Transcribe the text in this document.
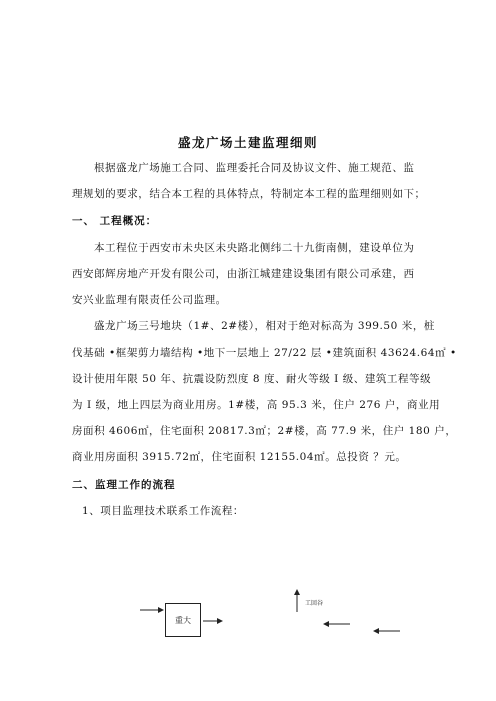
盛龙广场土建监理细则
根据盛龙广场施工合同、监理委托合同及协议文件、施工规范、监
理规划的要求，结合本工程的具体特点，特制定本工程的监理细则如下；
一、 工程概况：
本工程位于西安市未央区未央路北侧纬二十九街南侧，建设单位为
西安郎辉房地产开发有限公司，由浙江城建建设集团有限公司承建，西
安兴业监理有限责任公司监理。
盛龙广场三号地块（1#、2#楼），相对于绝对标高为 399.50 米，桩
伐基础 •框架剪力墙结构 •地下一层地上 27/22 层 •建筑面积 43624.64㎡ •
设计使用年限 50 年、抗震设防烈度 8 度、耐火等级 I 级、建筑工程等级
为 I 级，地上四层为商业用房。1#楼，高 95.3 米，住户 276 户，商业用
房面积 4606㎡，住宅面积 20817.3㎡；2#楼，高 77.9 米，住户 180 户，
商业用房面积 3915.72㎡，住宅面积 12155.04㎡。总投资 ？元。
二、监理工作的流程
1、项目监理技术联系工作流程：
重大
工回谷
